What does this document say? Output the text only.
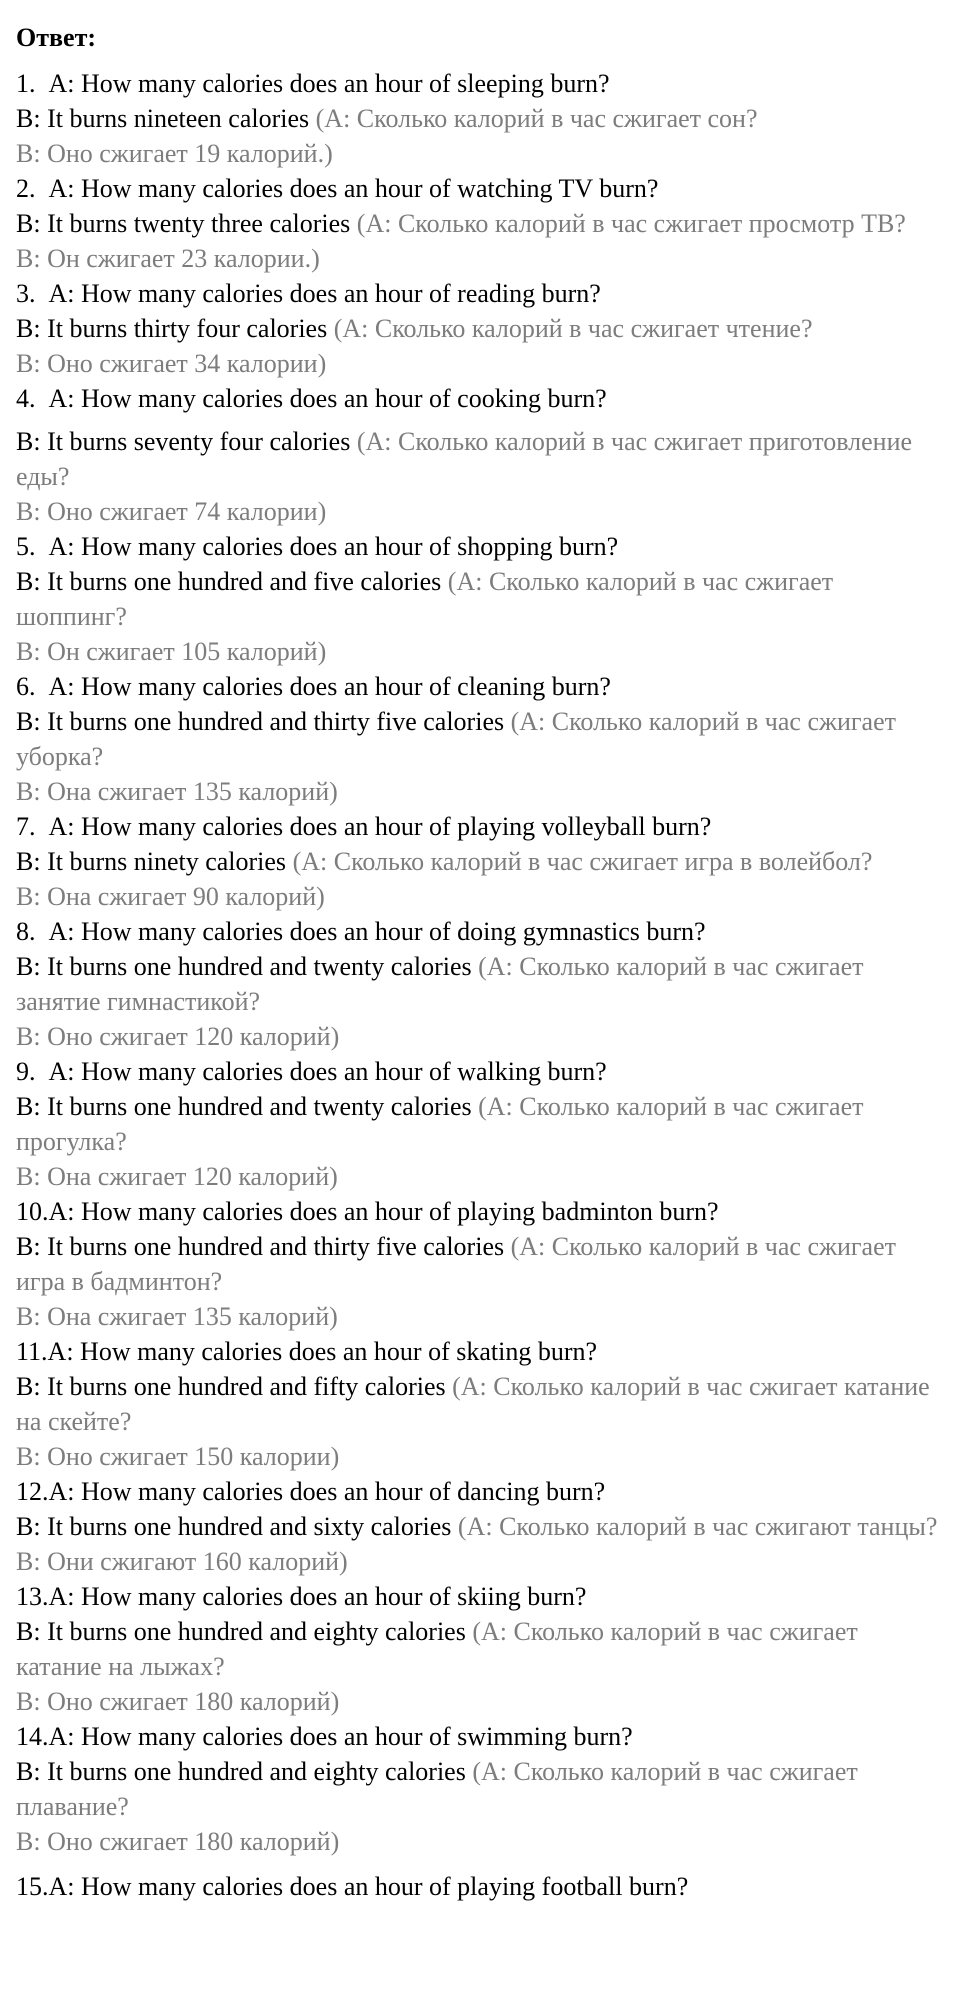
Ответ:

1.  A: How many calories does an hour of sleeping burn?

B: It burns nineteen calories (А: Сколько калорий в час сжигает сон?

В: Оно сжигает 19 калорий.)

2.  A: How many calories does an hour of watching TV burn?

B: It burns twenty three calories (А: Сколько калорий в час сжигает просмотр ТВ?

В: Он сжигает 23 калории.)

3.  A: How many calories does an hour of reading burn?

B: It burns thirty four calories (А: Сколько калорий в час сжигает чтение?

В: Оно сжигает 34 калории)

4.  A: How many calories does an hour of cooking burn?

B: It burns seventy four calories (А: Сколько калорий в час сжигает приготовление еды?

В: Оно сжигает 74 калории)

5.  A: How many calories does an hour of shopping burn?

B: It burns one hundred and five calories (А: Сколько калорий в час сжигает шоппинг?

В: Он сжигает 105 калорий)

6.  A: How many calories does an hour of cleaning burn?

B: It burns one hundred and thirty five calories (А: Сколько калорий в час сжигает уборка?

В: Она сжигает 135 калорий)

7.  A: How many calories does an hour of playing volleyball burn?

B: It burns ninety calories (А: Сколько калорий в час сжигает игра в волейбол?

В: Она сжигает 90 калорий)

8.  A: How many calories does an hour of doing gymnastics burn?

B: It burns one hundred and twenty calories (А: Сколько калорий в час сжигает занятие гимнастикой?

В: Оно сжигает 120 калорий)

9.  A: How many calories does an hour of walking burn?

B: It burns one hundred and twenty calories (А: Сколько калорий в час сжигает прогулка?

В: Она сжигает 120 калорий)

10.A: How many calories does an hour of playing badminton burn?

B: It burns one hundred and thirty five calories (А: Сколько калорий в час сжигает игра в бадминтон?

В: Она сжигает 135 калорий)

11.A: How many calories does an hour of skating burn?

B: It burns one hundred and fifty calories (А: Сколько калорий в час сжигает катание на скейте?

В: Оно сжигает 150 калории)

12.A: How many calories does an hour of dancing burn?

B: It burns one hundred and sixty calories (А: Сколько калорий в час сжигают танцы?

В: Они сжигают 160 калорий)

13.A: How many calories does an hour of skiing burn?

B: It burns one hundred and eighty calories (А: Сколько калорий в час сжигает катание на лыжах?

В: Оно сжигает 180 калорий)

14.A: How many calories does an hour of swimming burn?

B: It burns one hundred and eighty calories (А: Сколько калорий в час сжигает плавание?

В: Оно сжигает 180 калорий)

15.A: How many calories does an hour of playing football burn?
